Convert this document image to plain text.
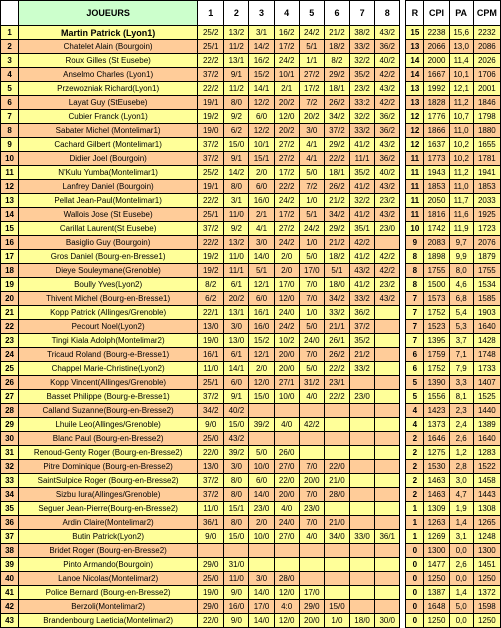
	JOUEURS	1	2	3	4	5	6	7	8		R	CPI	PA	CPM
1	Martin Patrick (Lyon1)	25/2	13/2	3/1	16/2	24/2	21/2	38/2	43/2		15	2238	15,6	2232
2	Chatelet Alain (Bourgoin)	25/1	11/2	14/2	17/2	5/1	18/2	33/2	36/2		13	2066	13,0	2086
3	Roux Gilles (St Eusebe)	22/2	13/1	16/2	24/2	1/1	8/2	32/2	40/2		14	2000	11,4	2026
4	Anselmo Charles (Lyon1)	37/2	9/1	15/2	10/1	27/2	29/2	35/2	42/2		14	1667	10,1	1706
5	Przewozniak Richard(Lyon1)	22/2	11/2	14/1	2/1	17/2	18/1	23/2	43/2		13	1992	12,1	2001
6	Layat Guy (StEusebe)	19/1	8/0	12/2	20/2	7/2	26/2	33:2	42/2		13	1828	11,2	1846
7	Cubier Franck (Lyon1)	19/2	9/2	6/0	12/0	20/2	34/2	32/2	36/2		12	1776	10,7	1798
8	Sabater Michel (Montelimar1)	19/0	6/2	12/2	20/2	3/0	37/2	33/2	36/2		12	1866	11,0	1880
9	Cachard Gilbert (Montelimar1)	37/2	15/0	10/1	27/2	4/1	29/2	41/2	43/2		12	1637	10,2	1655
10	Didier Joel (Bourgoin)	37/2	9/1	15/1	27/2	4/1	22/2	11/1	36/2		11	1773	10,2	1781
11	N'Kulu Yumba(Montelimar1)	25/2	14/2	2/0	17/2	5/0	18/1	35/2	40/2		11	1943	11,2	1941
12	Lanfrey Daniel (Bourgoin)	19/1	8/0	6/0	22/2	7/2	26/2	41/2	43/2		11	1853	11,0	1853
13	Pellat Jean-Paul(Montelimar1)	22/2	3/1	16/0	24/2	1/0	21/2	32/2	23/2		11	2050	11,7	2033
14	Wallois Jose (St Eusebe)	25/1	11/0	2/1	17/2	5/1	34/2	41/2	43/2		11	1816	11,6	1925
15	Carillat Laurent(St Eusebe)	37/2	9/2	4/1	27/2	24/2	29/2	35/1	23/0		10	1742	11,9	1723
16	Basiglio Guy (Bourgoin)	22/2	13/2	3/0	24/2	1/0	21/2	42/2			9	2083	9,7	2076
17	Gros Daniel (Bourg-en-Bresse1)	19/2	11/0	14/0	2/0	5/0	18/2	41/2	42/2		8	1898	9,9	1879
18	Dieye Souleymane(Grenoble)	19/2	11/1	5/1	2/0	17/0	5/1	43/2	42/2		8	1755	8,0	1755
19	Boully Yves(Lyon2)	8/2	6/1	12/1	17/0	7/0	18/0	41/2	23/2		8	1500	4,6	1534
20	Thivent Michel (Bourg-en-Bresse1)	6/2	20/2	6/0	12/0	7/0	34/2	33/2	43/2		7	1573	6,8	1585
21	Kopp Patrick (Allinges/Grenoble)	22/1	13/1	16/1	24/0	1/0	33/2	36/2			7	1752	5,4	1903
22	Pecourt Noel(Lyon2)	13/0	3/0	16/0	24/2	5/0	21/1	37/2			7	1523	5,3	1640
23	Tingi Kiala Adolph(Montelimar2)	19/0	13/0	15/2	10/2	24/0	26/1	35/2			7	1395	3,7	1428
24	Tricaud Roland (Bourg-e-Bresse1)	16/1	6/1	12/1	20/0	7/0	26/2	21/2			6	1759	7,1	1748
25	Chappel Marie-Christine(Lyon2)	11/0	14/1	2/0	20/0	5/0	22/2	33/2			6	1752	7,9	1733
26	Kopp Vincent(Allinges/Grenoble)	25/1	6/0	12/0	27/1	31/2	23/1				5	1390	3,3	1407
27	Basset Philippe (Bourg-e-Bresse1)	37/2	9/1	15/0	10/0	4/0	22/2	23/0			5	1556	8,1	1525
28	Calland Suzanne(Bourg-en-Bresse2)	34/2	40/2								4	1423	2,3	1440
29	Lhuile Leo(Allinges/Grenoble)	9/0	15/0	39/2	4/0	42/2					4	1373	2,4	1389
30	Blanc Paul (Bourg-en-Bresse2)	25/0	43/2								2	1646	2,6	1640
31	Renoud-Genty Roger (Bourg-en-Bresse2)	22/0	39/2	5/0	26/0						2	1275	1,2	1283
32	Pitre Dominique (Bourg-en-Bresse2)	13/0	3/0	10/0	27/0	7/0	22/0				2	1530	2,8	1522
33	SaintSulpice Roger (Bourg-en-Bresse2)	37/2	8/0	6/0	22/0	20/0	21/0				2	1463	3,0	1458
34	Sizbu Iura(Allinges/Grenoble)	37/2	8/0	14/0	20/0	7/0	28/0				2	1463	4,7	1443
35	Seguer Jean-Pierre(Bourg-en-Bresse2)	11/0	15/1	23/0	4/0	23/0					1	1309	1,9	1308
36	Ardin Claire(Montelimar2)	36/1	8/0	2/0	24/0	7/0	21/0				1	1263	1,4	1265
37	Butin Patrick(Lyon2)	9/0	15/0	10/0	27/0	4/0	34/0	33/0	36/1		1	1269	3,1	1248
38	Bridet Roger (Bourg-en-Bresse2)										0	1300	0,0	1300
39	Pinto Armando(Bourgoin)	29/0	31/0								0	1477	2,6	1451
40	Lanoe Nicolas(Montelimar2)	25/0	11/0	3/0	28/0						0	1250	0,0	1250
41	Police Bernard (Bourg-en-Bresse2)	19/0	9/0	14/0	12/0	17/0					0	1387	1,4	1372
42	Berzoli(Montelimar2)	29/0	16/0	17/0	4:0	29/0	15/0				0	1648	5,0	1598
43	Brandenbourg Laeticia(Montelimar2)	22/0	9/0	14/0	12/0	20/0	1/0	18/0	30/0		0	1250	0,0	1250
